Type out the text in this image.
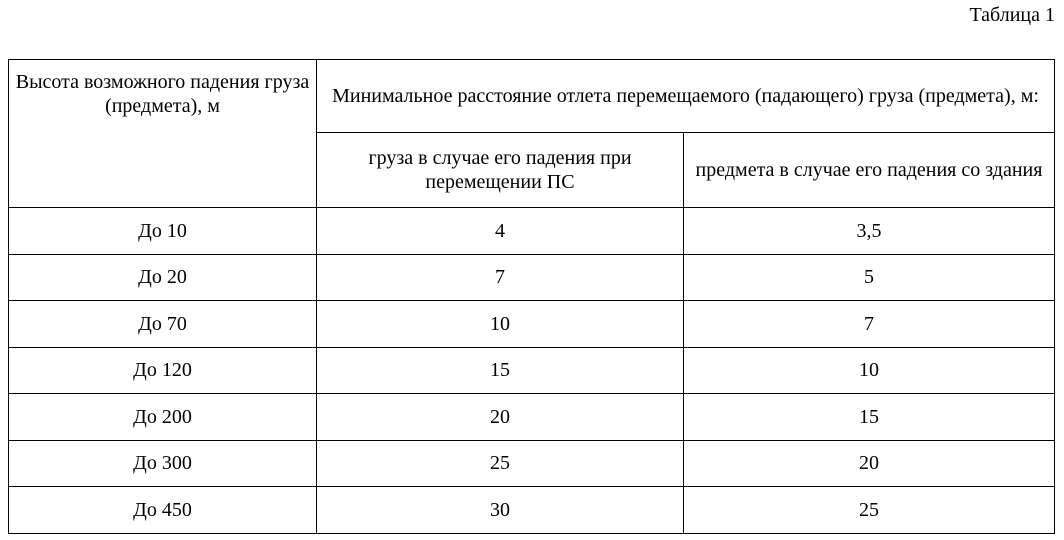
Таблица 1
Высота возможного падения груза (предмета), м	Минимальное расстояние отлета перемещаемого (падающего) груза (предмета), м:	
	груза в случае его падения при перемещении ПС	предмета в случае его падения со здания
До 10	4	3,5
До 20	7	5
До 70	10	7
До 120	15	10
До 200	20	15
До 300	25	20
До 450	30	25
